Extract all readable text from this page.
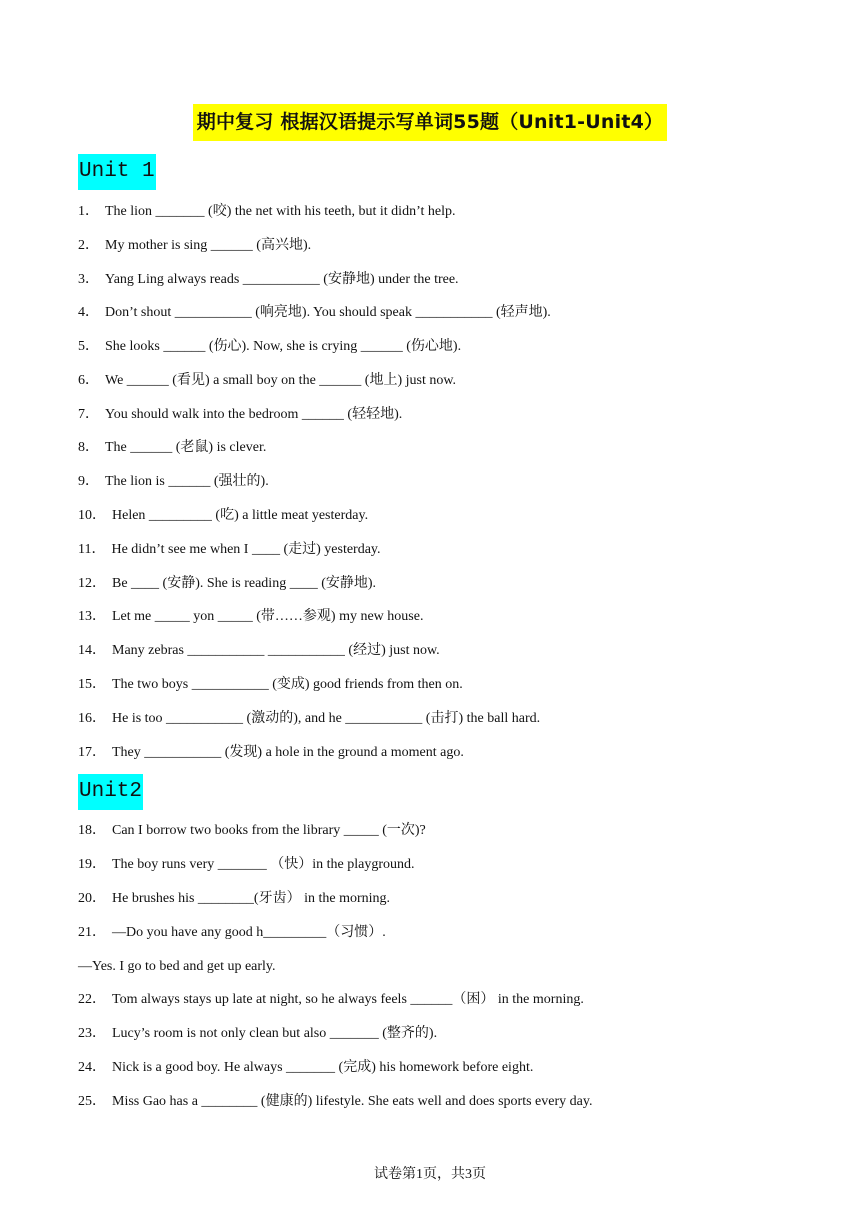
期中复习 根据汉语提示写单词55题（Unit1-Unit4）
Unit 1
1． The lion _______ (咬) the net with his teeth, but it didn’t help.
2． My mother is sing ______ (高兴地).
3． Yang Ling always reads ___________ (安静地) under the tree.
4． Don’t shout ___________ (响亮地). You should speak ___________ (轻声地).
5． She looks ______ (伤心). Now, she is crying ______ (伤心地).
6． We ______ (看见) a small boy on the ______ (地上) just now.
7． You should walk into the bedroom ______ (轻轻地).
8． The ______ (老鼠) is clever.
9． The lion is ______ (强壮的).
10． Helen _________ (吃) a little meat yesterday.
11． He didn’t see me when I ____ (走过) yesterday.
12． Be ____ (安静). She is reading ____ (安静地).
13． Let me _____ yon _____ (带……参观) my new house.
14． Many zebras ___________ ___________ (经过) just now.
15． The two boys ___________ (变成) good friends from then on.
16． He is too ___________ (激动的), and he ___________ (击打) the ball hard.
17． They ___________ (发现) a hole in the ground a moment ago.
Unit2
18． Can I borrow two books from the library _____ (一次)?
19． The boy runs very _______ （快）in the playground.
20． He brushes his ________(牙齿） in the morning.
21． —Do you have any good h_________（习惯）.
—Yes. I go to bed and get up early.
22． Tom always stays up late at night, so he always feels ______（困） in the morning.
23． Lucy’s room is not only clean but also _______ (整齐的).
24． Nick is a good boy. He always _______ (完成) his homework before eight.
25． Miss Gao has a ________ (健康的) lifestyle. She eats well and does sports every day.
试卷第1页，共3页
